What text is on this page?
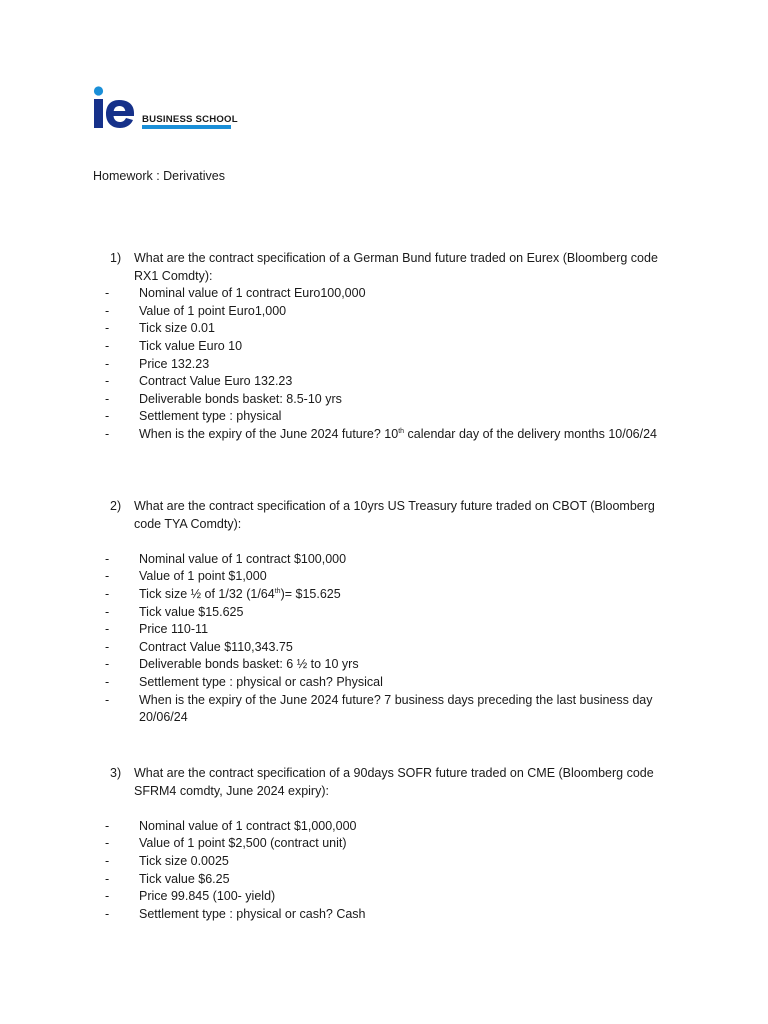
BUSINESS SCHOOL
Homework : Derivatives
1)	What are the contract specification of a German Bund future traded on Eurex (Bloomberg code RX1 Comdty):
-	Nominal value of 1 contract Euro100,000
-	Value of 1 point Euro1,000
-	Tick size 0.01
-	Tick value Euro 10
-	Price 132.23
-	Contract Value Euro 132.23
-	Deliverable bonds basket: 8.5-10 yrs
-	Settlement type : physical
-	When is the expiry of the June 2024 future? 10th calendar day of the delivery months 10/06/24
2)	What are the contract specification of a 10yrs US Treasury future traded on CBOT (Bloomberg code TYA Comdty):
-	Nominal value of 1 contract $100,000
-	Value of 1 point $1,000
-	Tick size ½ of 1/32 (1/64th)= $15.625
-	Tick value $15.625
-	Price 110-11
-	Contract Value $110,343.75
-	Deliverable bonds basket: 6 ½ to 10 yrs
-	Settlement type : physical or cash? Physical
-	When is the expiry of the June 2024 future? 7 business days preceding the last business day 20/06/24
3)	What are the contract specification of a 90days SOFR future traded on CME (Bloomberg code SFRM4 comdty, June 2024 expiry):
-	Nominal value of 1 contract $1,000,000
-	Value of 1 point $2,500 (contract unit)
-	Tick size 0.0025
-	Tick value $6.25
-	Price 99.845 (100- yield)
-	Settlement type : physical or cash? Cash
